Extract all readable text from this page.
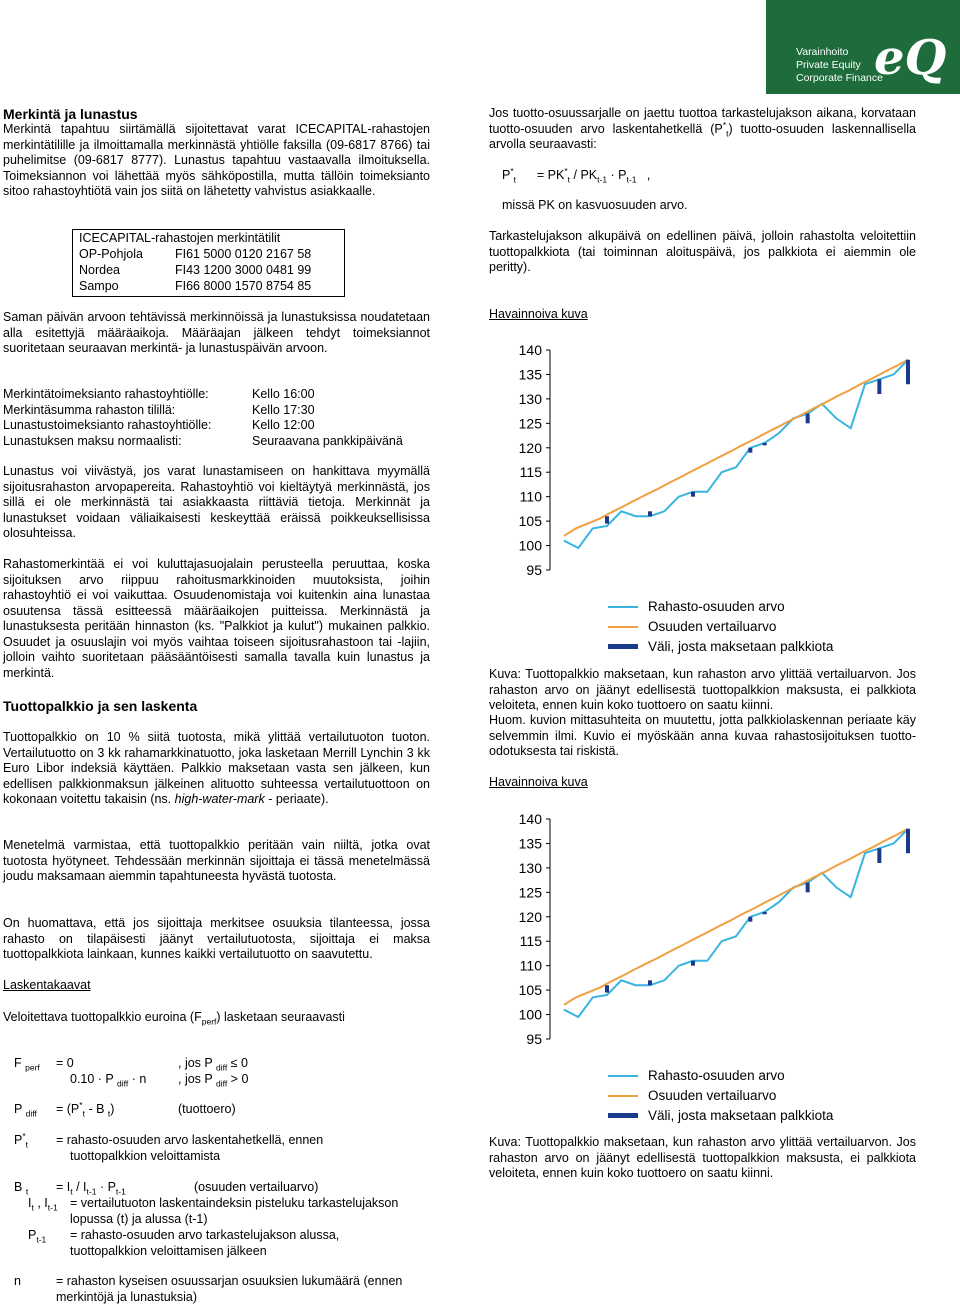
Varainhoito
Private Equity
Corporate Finance
eQ
Merkintä ja lunastus

Merkintä tapahtuu siirtämällä sijoitettavat varat ICECAPITAL-rahastojen merkintätilille ja ilmoittamalla merkinnästä yhtiölle faksilla (09-6817 8766) tai puhelimitse (09-6817 8777). Lunastus tapahtuu vastaavalla ilmoituksella. Toimeksiannon voi lähettää myös sähköpostilla, mutta tällöin toimeksianto sitoo rahastoyhtiötä vain jos siitä on lähetetty vahvistus asiakkaalle.

ICECAPITAL-rahastojen merkintätilit
OP-Pohjola	FI61 5000 0120 2167 58
Nordea	FI43 1200 3000 0481 99
Sampo	FI66 8000 1570 8754 85

Saman päivän arvoon tehtävissä merkinnöissä ja lunastuksissa noudatetaan alla esitettyjä määräaikoja. Määräajan jälkeen tehdyt toimeksiannot suoritetaan seuraavan merkintä- ja lunastuspäivän arvoon.

Merkintätoimeksianto rahastoyhtiölle:	Kello 16:00
Merkintäsumma rahaston tilillä:	Kello 17:30
Lunastustoimeksianto rahastoyhtiölle:	Kello 12:00
Lunastuksen maksu normaalisti:	Seuraavana pankkipäivänä

Lunastus voi viivästyä, jos varat lunastamiseen on hankittava myymällä sijoitusrahaston arvopapereita. Rahastoyhtiö voi kieltäytyä merkinnästä, jos sillä ei ole merkinnästä tai asiakkaasta riittäviä tietoja. Merkinnät ja lunastukset voidaan väliaikaisesti keskeyttää eräissä poikkeuksellisissa olosuhteissa.

Rahastomerkintää ei voi kuluttajasuojalain perusteella peruuttaa, koska sijoituksen arvo riippuu rahoitusmarkkinoiden muutoksista, joihin rahastoyhtiö ei voi vaikuttaa. Osuudenomistaja voi kuitenkin aina lunastaa osuutensa tässä esitteessä määräaikojen puitteissa. Merkinnästä ja lunastuksesta peritään hinnaston (ks. "Palkkiot ja kulut") mukainen palkkio. Osuudet ja osuuslajin voi myös vaihtaa toiseen sijoitusrahastoon tai -lajiin, jolloin vaihto suoritetaan pääsääntöisesti samalla tavalla kuin lunastus ja merkintä.

Tuottopalkkio ja sen laskenta

Tuottopalkkio on 10 % siitä tuotosta, mikä ylittää vertailutuoton tuoton. Vertailutuotto on 3 kk rahamarkkinatuotto, joka lasketaan Merrill Lynchin 3 kk Euro Libor indeksiä käyttäen. Palkkio maksetaan vasta sen jälkeen, kun edellisen palkkionmaksun jälkeinen alituotto suhteessa vertailutuottoon on kokonaan voitettu takaisin (ns. high-water-mark - periaate).

Menetelmä varmistaa, että tuottopalkkio peritään vain niiltä, jotka ovat tuotosta hyötyneet. Tehdessään merkinnän sijoittaja ei tässä menetelmässä joudu maksamaan aiemmin tapahtuneesta hyvästä tuotosta.

On huomattava, että jos sijoittaja merkitsee osuuksia tilanteessa, jossa rahasto on tilapäisesti jäänyt vertailutuotosta, sijoittaja ei maksa tuottopalkkiota lainkaan, kunnes kaikki vertailutuotto on saavutettu.

Laskentakaavat
Veloitettava tuottopalkkio euroina $(F_{perf})$ lasketaan seuraavasti
F $_{perf}$ = 0	, jos P $_{diff}$ ≤ 0
0.10 · P $_{diff}$ · n	, jos P $_{diff}$ > 0
P $_{diff} = (P^*_t - B$ $_t$)	(tuottoero)
$P^*_t$ = rahasto-osuuden arvo laskentahetkellä, ennen
tuottopalkkion veloittamista
B $_t = I_t / I_{t-1} \cdot P_{t-1}$	(osuuden vertailuarvo)
$I_t$ , $I_{t-1}$ = vertailutuoton laskentaindeksin pisteluku tarkastelujakson
lopussa (t) ja alussa (t-1)
$P_{t-1}$ = rahasto-osuuden arvo tarkastelujakson alussa,
tuottopalkkion veloittamisen jälkeen
n	= rahaston kyseisen osuussarjan osuuksien lukumäärä (ennen
merkintöjä ja lunastuksia)

Jos tuotto-osuussarjalle on jaettu tuottoa tarkastelujakson aikana, korvataan tuotto-osuuden arvo laskentahetkellä $(P^*_t)$ tuotto-osuuden laskennallisella arvolla seuraavasti:

$P^*_t = PK^*_t / PK_{t-1} \cdot P_{t-1}$ ,
missä PK on kasvuosuuden arvo.

Tarkastelujakson alkupäivä on edellinen päivä, jolloin rahastolta veloitettiin tuottopalkkiota (tai toiminnan aloituspäivä, jos palkkiota ei aiemmin ole peritty).

Havainnoiva kuva
95
100
105
110
115
120
125
130
135
140
Rahasto-osuuden arvo
Osuuden vertailuarvo
Väli, josta maksetaan palkkiota

Kuva: Tuottopalkkio maksetaan, kun rahaston arvo ylittää vertailuarvon. Jos rahaston arvo on jäänyt edellisestä tuottopalkkion maksusta, ei palkkiota veloiteta, ennen kuin koko tuottoero on saatu kiinni.

Huom. kuvion mittasuhteita on muutettu, jotta palkkiolaskennan periaate käy selvemmin ilmi. Kuvio ei myöskään anna kuvaa rahastosijoituksen tuotto-odotuksesta tai riskistä.

Havainnoiva kuva
95
100
105
110
115
120
125
130
135
140
Rahasto-osuuden arvo
Osuuden vertailuarvo
Väli, josta maksetaan palkkiota

Kuva: Tuottopalkkio maksetaan, kun rahaston arvo ylittää vertailuarvon. Jos rahaston arvo on jäänyt edellisestä tuottopalkkion maksusta, ei palkkiota veloiteta, ennen kuin koko tuottoero on saatu kiinni.
